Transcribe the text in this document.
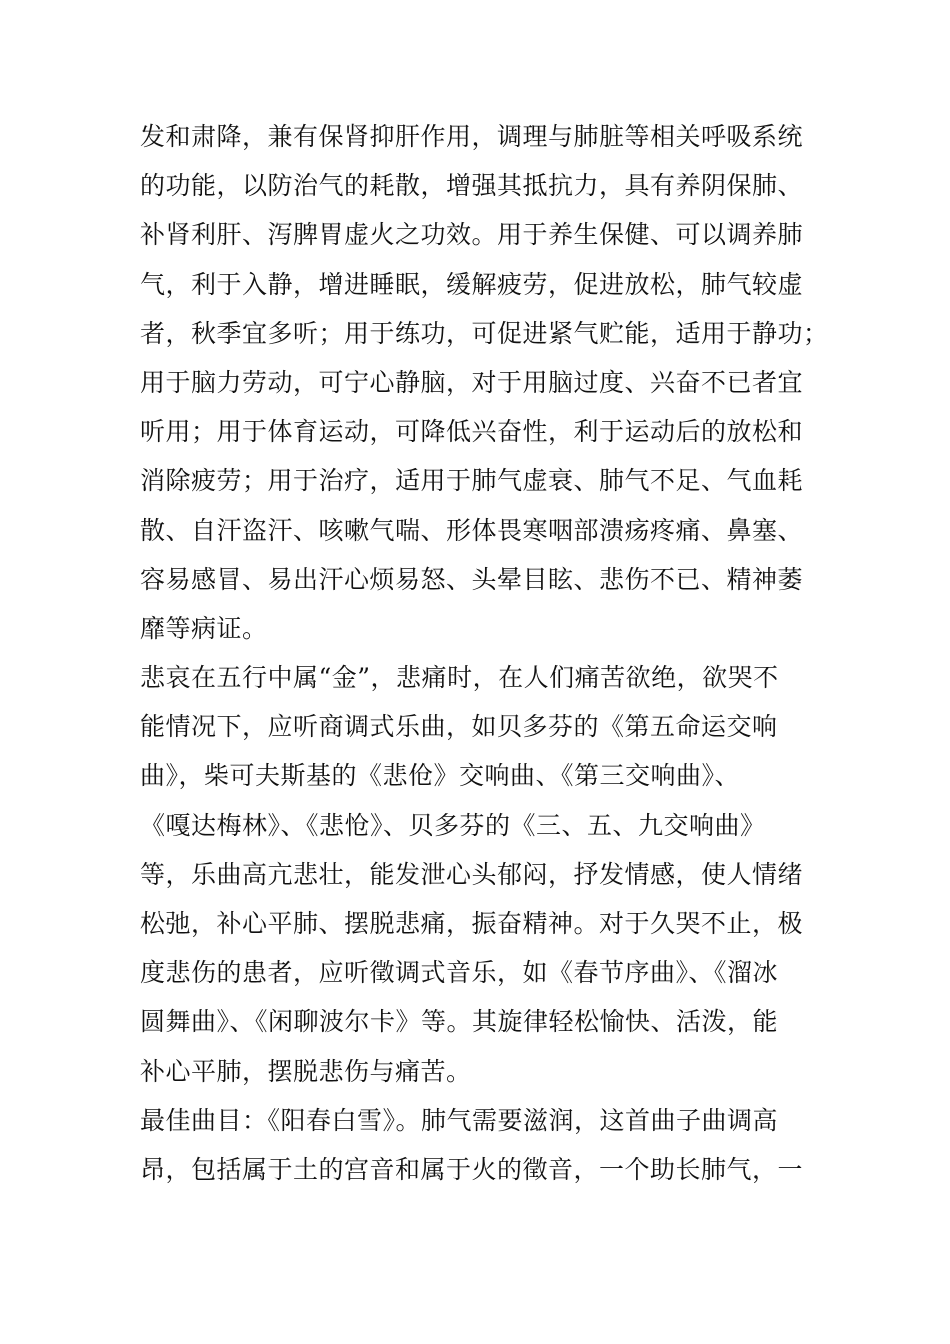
发和肃降，兼有保肾抑肝作用，调理与肺脏等相关呼吸系统
的功能，以防治气的耗散，增强其抵抗力，具有养阴保肺、
补肾利肝、泻脾胃虚火之功效。用于养生保健、可以调养肺
气，利于入静，增进睡眠，缓解疲劳，促进放松，肺气较虚
者，秋季宜多听；用于练功，可促进紧气贮能，适用于静功；
用于脑力劳动，可宁心静脑，对于用脑过度、兴奋不已者宜
听用；用于体育运动，可降低兴奋性，利于运动后的放松和
消除疲劳；用于治疗，适用于肺气虚衰、肺气不足、气血耗
散、自汗盗汗、咳嗽气喘、形体畏寒咽部溃疡疼痛、鼻塞、
容易感冒、易出汗心烦易怒、头晕目眩、悲伤不已、精神萎
靡等病证。
悲哀在五行中属“金”，悲痛时，在人们痛苦欲绝，欲哭不
能情况下，应听商调式乐曲，如贝多芬的《第五命运交响
曲》，柴可夫斯基的《悲伧》交响曲、《第三交响曲》、
《嘎达梅林》、《悲怆》、贝多芬的《三、五、九交响曲》
等，乐曲高亢悲壮，能发泄心头郁闷，抒发情感，使人情绪
松弛，补心平肺、摆脱悲痛，振奋精神。对于久哭不止，极
度悲伤的患者，应听徵调式音乐，如《春节序曲》、《溜冰
圆舞曲》、《闲聊波尔卡》等。其旋律轻松愉快、活泼，能
补心平肺，摆脱悲伤与痛苦。
最佳曲目：《阳春白雪》。肺气需要滋润，这首曲子曲调高
昂，包括属于土的宫音和属于火的徵音，一个助长肺气，一
